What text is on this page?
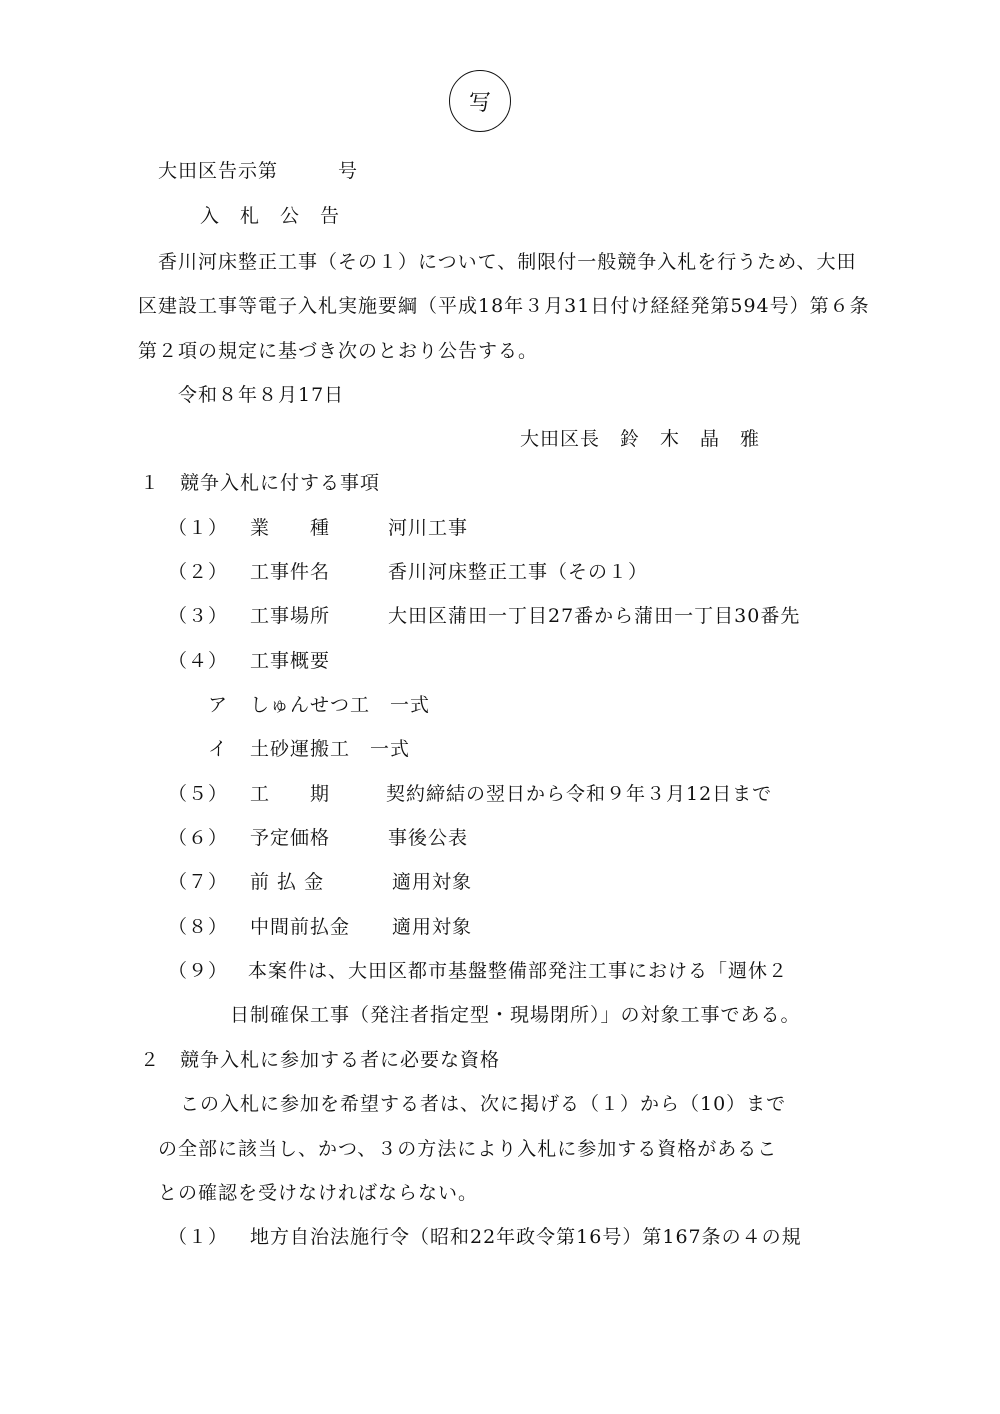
写
大田区告示第　　　号
入　札　公　告
香川河床整正工事（その１）について、制限付一般競争入札を行うため、大田
区建設工事等電子入札実施要綱（平成18年３月31日付け経経発第594号）第６条
第２項の規定に基づき次のとおり公告する。
令和８年８月17日
大田区長　鈴　木　晶　雅
１　競争入札に付する事項
（１） 業　　種	河川工事
（２） 工事件名	香川河床整正工事（その１）
（３） 工事場所	大田区蒲田一丁目27番から蒲田一丁目30番先
（４） 工事概要
ア しゅんせつ工　一式
イ 土砂運搬工　一式
（５） 工　　期	契約締結の翌日から令和９年３月12日まで
（６） 予定価格	事後公表
（７） 前 払 金	適用対象
（８） 中間前払金 適用対象
（９） 本案件は、大田区都市基盤整備部発注工事における「週休２
日制確保工事（発注者指定型・現場閉所）」の対象工事である。
２　競争入札に参加する者に必要な資格
この入札に参加を希望する者は、次に掲げる（１）から（10）まで
の全部に該当し、かつ、３の方法により入札に参加する資格があるこ
との確認を受けなければならない。
（１） 地方自治法施行令（昭和22年政令第16号）第167条の４の規
